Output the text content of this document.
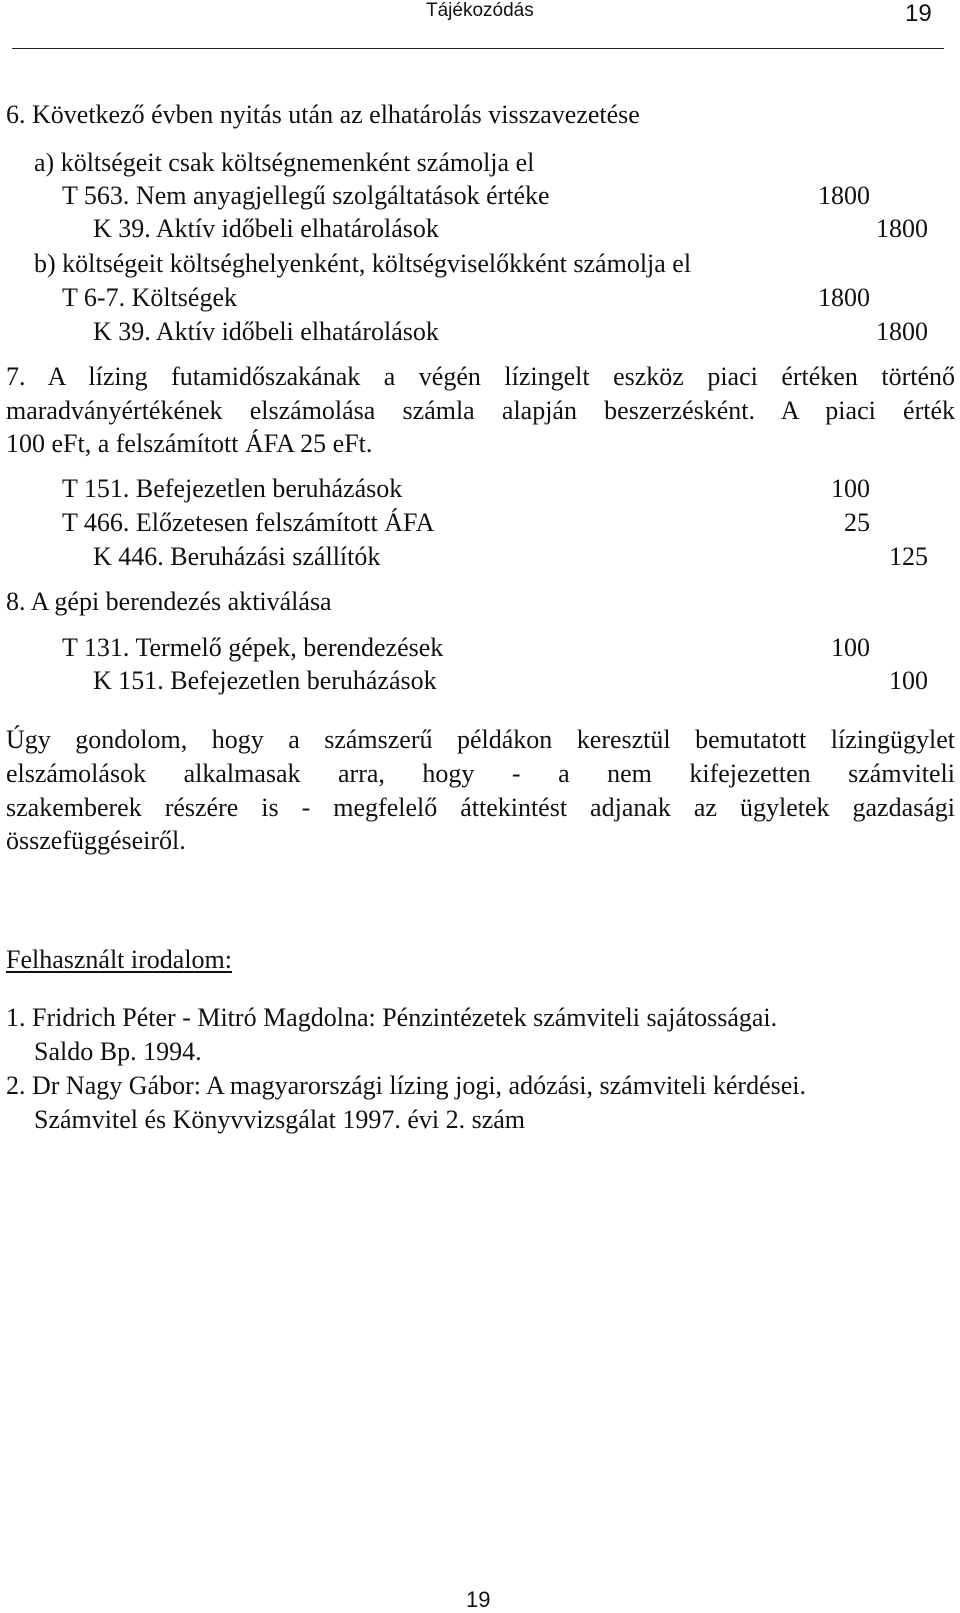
Tájékozódás	19
6. Következő évben nyitás után az elhatárolás visszavezetése
a) költségeit csak költségnemenként számolja el
T 563. Nem anyagjellegű szolgáltatások értéke	1800
K 39. Aktív időbeli elhatárolások	1800
b) költségeit költséghelyenként, költségviselőkként számolja el
T 6-7. Költségek	1800
K 39. Aktív időbeli elhatárolások	1800
7. A lízing futamidőszakának a végén lízingelt eszköz piaci értéken történő
maradványértékének elszámolása számla alapján beszerzésként. A piaci érték
100 eFt, a felszámított ÁFA 25 eFt.
T 151. Befejezetlen beruházások	100
T 466. Előzetesen felszámított ÁFA	25
K 446. Beruházási szállítók	125
8. A gépi berendezés aktiválása
T 131. Termelő gépek, berendezések	100
K 151. Befejezetlen beruházások	100
Úgy gondolom, hogy a számszerű példákon keresztül bemutatott lízingügylet
elszámolások alkalmasak arra, hogy - a nem kifejezetten számviteli
szakemberek részére is - megfelelő áttekintést adjanak az ügyletek gazdasági
összefüggéseiről.
Felhasznált irodalom:
1. Fridrich Péter - Mitró Magdolna: Pénzintézetek számviteli sajátosságai.
Saldo Bp. 1994.
2. Dr Nagy Gábor: A magyarországi lízing jogi, adózási, számviteli kérdései.
Számvitel és Könyvvizsgálat 1997. évi 2. szám
19
